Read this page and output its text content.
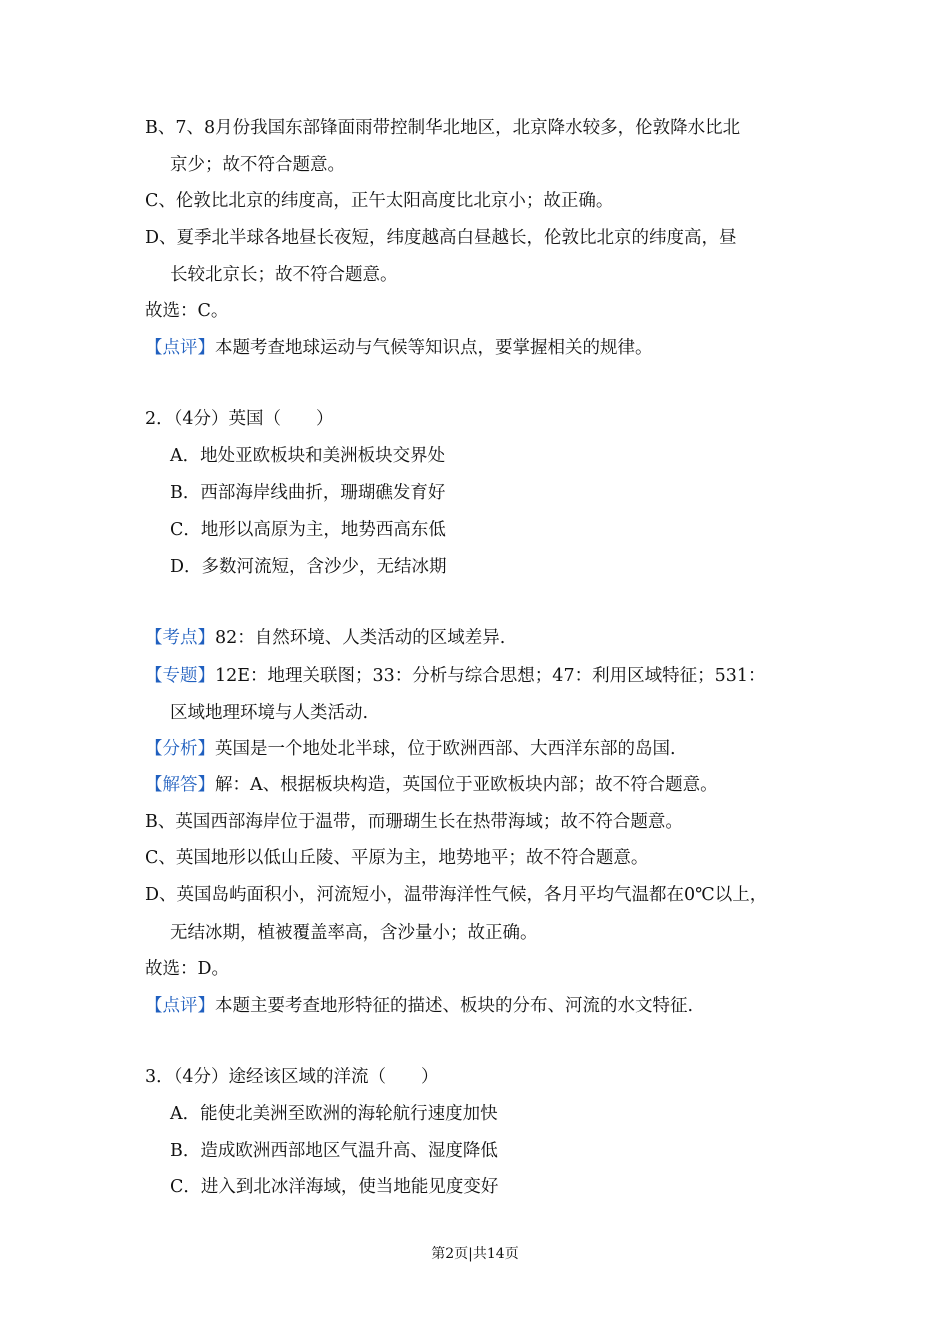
B、7、8月份我国东部锋面雨带控制华北地区，北京降水较多，伦敦降水比北
京少；故不符合题意。
C、伦敦比北京的纬度高，正午太阳高度比北京小；故正确。
D、夏季北半球各地昼长夜短，纬度越高白昼越长，伦敦比北京的纬度高，昼
长较北京长；故不符合题意。
故选：C。
【点评】本题考查地球运动与气候等知识点，要掌握相关的规律。
2．（4分）英国（　　）
A．地处亚欧板块和美洲板块交界处
B．西部海岸线曲折，珊瑚礁发育好
C．地形以高原为主，地势西高东低
D．多数河流短，含沙少，无结冰期
【考点】82：自然环境、人类活动的区域差异.
【专题】12E：地理关联图；33：分析与综合思想；47：利用区域特征；531：
区域地理环境与人类活动.
【分析】英国是一个地处北半球，位于欧洲西部、大西洋东部的岛国.
【解答】解：A、根据板块构造，英国位于亚欧板块内部；故不符合题意。
B、英国西部海岸位于温带，而珊瑚生长在热带海域；故不符合题意。
C、英国地形以低山丘陵、平原为主，地势地平；故不符合题意。
D、英国岛屿面积小，河流短小，温带海洋性气候，各月平均气温都在0℃以上，
无结冰期，植被覆盖率高，含沙量小；故正确。
故选：D。
【点评】本题主要考查地形特征的描述、板块的分布、河流的水文特征.
3．（4分）途经该区域的洋流（　　）
A．能使北美洲至欧洲的海轮航行速度加快
B．造成欧洲西部地区气温升高、湿度降低
C．进入到北冰洋海域，使当地能见度变好
第2页|共14页
